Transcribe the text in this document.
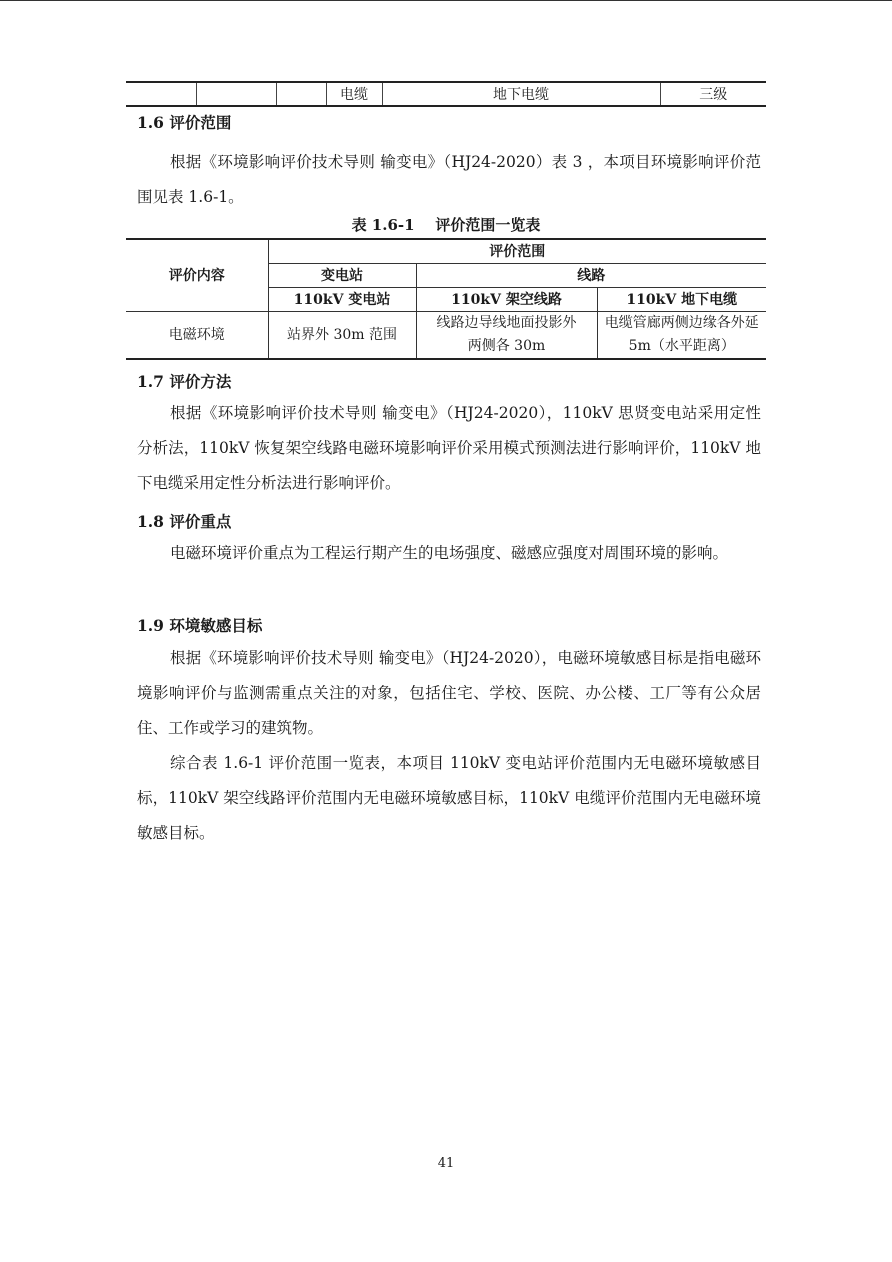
			电缆	地下电缆	三级
1.6 评价范围

根据《环境影响评价技术导则 输变电》（HJ24-2020）表 3 ，本项目环境影响评价范围见表 1.6-1。

表 1.6-1    评价范围一览表
评价内容	评价范围		
	变电站	线路	
	110kV 变电站	110kV 架空线路	110kV 地下电缆
电磁环境	站界外 30m 范围	线路边导线地面投影外两侧各 30m	电缆管廊两侧边缘各外延 5m（水平距离）
1.7 评价方法

根据《环境影响评价技术导则 输变电》（HJ24-2020），110kV 思贤变电站采用定性分析法，110kV 恢复架空线路电磁环境影响评价采用模式预测法进行影响评价，110kV 地下电缆采用定性分析法进行影响评价。

1.8 评价重点

电磁环境评价重点为工程运行期产生的电场强度、磁感应强度对周围环境的影响。

1.9 环境敏感目标

根据《环境影响评价技术导则 输变电》（HJ24-2020），电磁环境敏感目标是指电磁环境影响评价与监测需重点关注的对象，包括住宅、学校、医院、办公楼、工厂等有公众居住、工作或学习的建筑物。

综合表 1.6-1 评价范围一览表，本项目 110kV 变电站评价范围内无电磁环境敏感目标，110kV 架空线路评价范围内无电磁环境敏感目标，110kV 电缆评价范围内无电磁环境敏感目标。

41
